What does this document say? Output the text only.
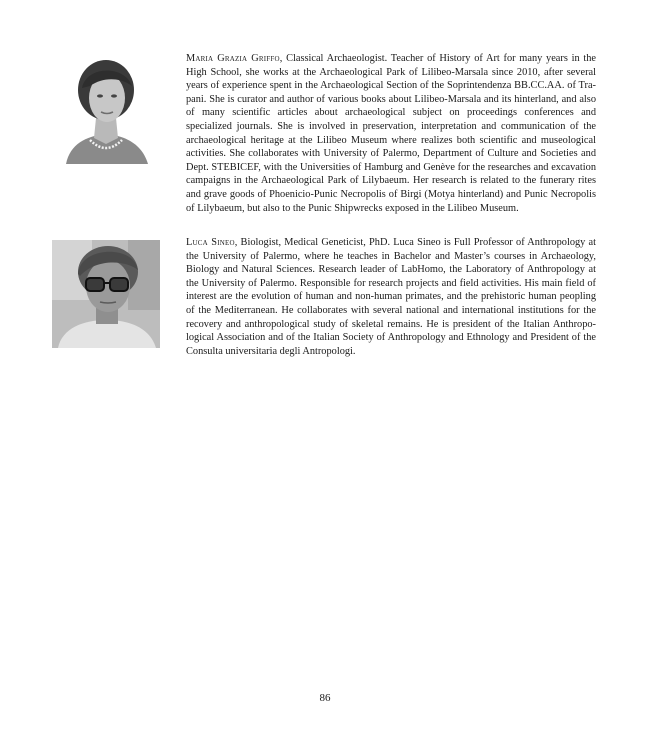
Maria Grazia Griffo, Classical Archaeologist. Teacher of History of Art for many years in the High School, she works at the Archaeological Park of Lilibeo-Marsala since 2010, after several years of experience spent in the Archaeological Section of the Soprintendenza BB.CC.AA. of Trapani. She is curator and author of various books about Lilibeo-Marsala and its hinterland, and also of many scientific articles about archaeological subject on proceedings conferences and specialized journals. She is involved in preservation, interpretation and communication of the archaeological heritage at the Lilibeo Museum where realizes both scientific and museological activities. She collaborates with University of Palermo, Department of Culture and Societies and Dept. STEBICEF, with the Universities of Hamburg and Genève for the researches and excavation campaigns in the Archaeological Park of Lilybaeum. Her research is related to the funerary rites and grave goods of Phoenicio-Punic Necropolis of Birgi (Motya hinterland) and Punic Necropolis of Lilybaeum, but also to the Punic Shipwrecks exposed in the Lilibeo Museum.
Luca Sineo, Biologist, Medical Geneticist, PhD. Luca Sineo is Full Professor of Anthropology at the University of Palermo, where he teaches in Bachelor and Master’s courses in Archaeology, Biology and Natural Sciences. Research leader of LabHomo, the Laboratory of Anthropology at the University of Palermo. Responsible for research projects and field activities. His main field of interest are the evolution of human and non-human primates, and the prehistoric human peopling of the Mediterranean. He collaborates with several national and international institutions for the recovery and anthropological study of skeletal remains. He is president of the Italian Anthropological Association and of the Italian Society of Anthropology and Ethnology and President of the Consulta universitaria degli Antropologi.
86
